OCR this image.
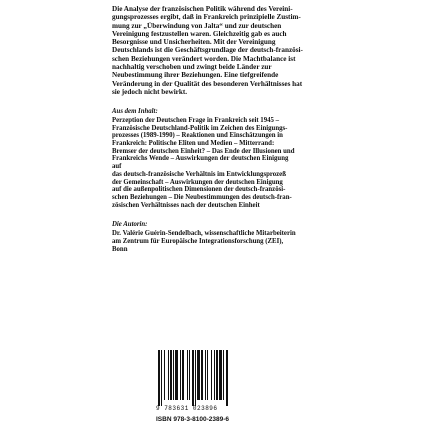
Die Analyse der französischen Politik während des Vereini-

gungsprozesses ergibt, daß in Frankreich prinzipielle Zustim-

mung zur „Überwindung von Jalta“ und zur deutschen

Vereinigung festzustellen waren. Gleichzeitig gab es auch

Besorgnisse und Unsicherheiten. Mit der Vereinigung

Deutschlands ist die Geschäftsgrundlage der deutsch-französi-

schen Beziehungen verändert worden. Die Machtbalance ist

nachhaltig verschoben und zwingt beide Länder zur

Neubestimmung ihrer Beziehungen. Eine tiefgreifende

Veränderung in der Qualität des besonderen Verhältnisses hat

sie jedoch nicht bewirkt.

Aus dem Inhalt:

Perzeption der Deutschen Frage in Frankreich seit 1945 –

Französische Deutschland-Politik im Zeichen des Einigungs-

prozesses (1989-1990) – Reaktionen und Einschätzungen in

Frankreich: Politische Eliten und Medien – Mitterrand:

Bremser der deutschen Einheit? – Das Ende der Illusionen und

Frankreichs Wende – Auswirkungen der deutschen Einigung

auf

das deutsch-französische Verhältnis im Entwicklungsprozeß

der Gemeinschaft – Auswirkungen der deutschen Einigung

auf die außenpolitischen Dimensionen der deutsch-französi-

schen Beziehungen – Die Neubestimmungen des deutsch-fran-

zösischen Verhältnisses nach der deutschen Einheit

Die Autorin:

Dr. Valérie Guérin-Sendelbach, wissenschaftliche Mitarbeiterin

am Zentrum für Europäische Integrationsforschung (ZEI),

Bonn

9 783631 023896
ISBN 978-3-8100-2389-6
